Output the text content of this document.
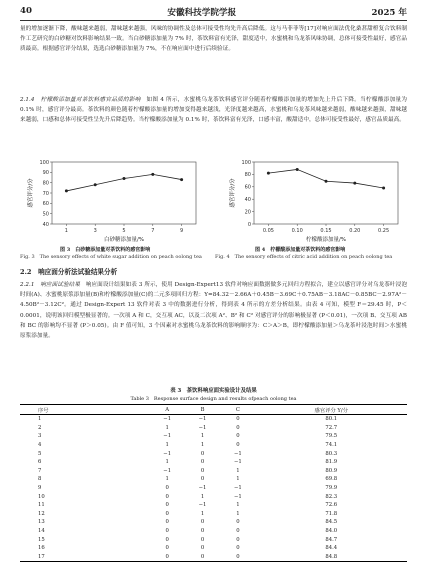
40	安徽科技学院学报	2025 年

量的增加逐渐下降，酸味越来越弱，甜味越来越强，风味的协调性及总体可接受性均先升高后降低。这与马菲菲等[17]对响应面法优化桑葚甜橙复合饮料制作工艺研究的白砂糖对饮料影响结果一致。当白砂糖添加量为 7% 时，茶饮料富有光泽，甜度适中，水蜜桃和乌龙茶风味协调，总体可接受性最好，感官品质最高。根据感官评分结果，选选白砂糖添加量为 7%，不在响应面中进行后续验证。

2.1.4　柠檬酸添加量对茶饮料感官品质的影响　 如图 4 所示，水蜜桃乌龙茶饮料感官评分随着柠檬酸添加量的增加先上升后下降。当柠檬酸添加量为 0.1% 时，感官评分最高。茶饮料的颜色随着柠檬酸添加量的增加变得越来越浅，光泽度越来越高，水蜜桃和乌龙茶风味越来越弱，酸味越来越强，甜味越来越弱，口感和总体可接受性呈先升后降趋势。当柠檬酸添加量为 0.1% 时，茶饮料富有光泽，口感丰富，酸甜适中，总体可接受性最好，感官品质最高。

40
50
60
70
80
90
100
1	3	5	7	9
白砂糖添加量/%
感官评分/分
图 3　白砂糖添加量对茶饮料的感官影响
Fig. 3　The sensory effects of white sugar addition on peach oolong tea
0
20
40
60
80
100
0.05	0.10	0.15	0.20	0.25
柠檬酸添加量/%
感官评分/分
图 4　柠檬酸添加量对茶饮料的感官影响
Fig. 4　The sensory effects of citric acid addition on peach oolong tea

2.2　响应面分析法试验结果分析

2.2.1　响应面试验结果　 响应面设计结果如表 3 所示，使用 Design-Expert13 软件对响应面数据做多元回归方程拟合，建立以感官评分对乌龙茶叶浸泡时间(A)、水蜜桃原浆添加量(B)和柠檬酸添加量(C)的二元多项回归方程：Y=84.32－2.66A＋0.45B－3.69C＋0.75AB－3.18AC－0.85BC－2.97A²－4.50B²－3.12C²。通过 Design-Expert 13 软件对表 3 中的数据进行分析，得到表 4 所示的方差分析结果。由表 4 可知，模型 F＝29.45 时，P＜0.0001，说明该回归模型极显著的。一次项 A 和 C，交互项 AC，以及二次项 A²、B² 和 C² 对感官评分的影响极显著 (P＜0.01)，一次项 B、交互项 AB 和 BC 的影响均不显著 (P＞0.05)。由 F 值可知，3 个因素对水蜜桃乌龙茶饮料的影响顺序为：C＞A＞B，即柠檬酸添加量＞乌龙茶叶浸泡时间＞水蜜桃原浆添加量。

表 3　茶饮料响应面实验设计及结果
Table 3　Response surface design and results ofpeach oolong tea
序号	A	B	C	感官评分 Y/分
1	−1	−1	0	80.1
2	1	−1	0	72.7
3	−1	1	0	79.5
4	1	1	0	74.1
5	−1	0	−1	80.3
6	1	0	−1	81.9
7	−1	0	1	80.9
8	1	0	1	69.8
9	0	−1	−1	79.9
10	0	1	−1	82.3
11	0	−1	1	72.6
12	0	1	1	71.8
13	0	0	0	84.5
14	0	0	0	84.0
15	0	0	0	84.7
16	0	0	0	84.4
17	0	0	0	84.8
